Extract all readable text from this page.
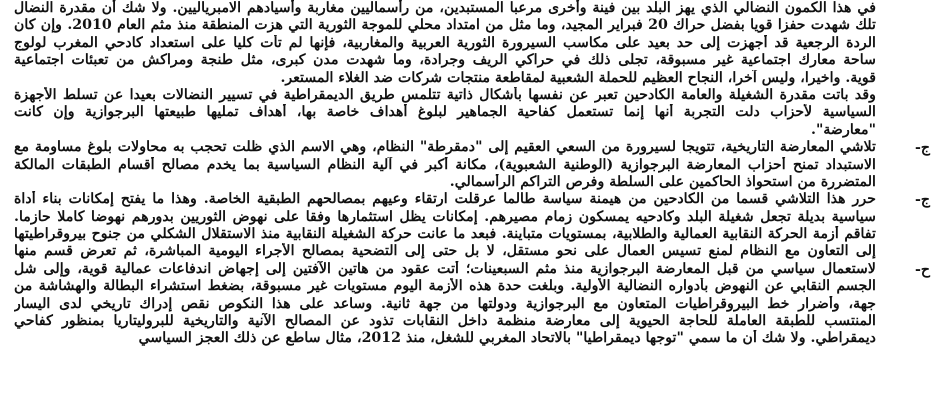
ج-
ج-
ح-
في هذا الكمون النضالي الذي يهز البلد بين فينة وأخرى مرعبا المستبدين، من رأسماليين مغاربة وأسيادهم الامبرياليين. ولا شك أن مقدرة النضال
تلك شهدت حفزا قويا بفضل حراك 20 فبراير المجيد، وما مثل من امتداد محلي للموجة الثورية التي هزت المنطقة منذ مثم العام 2010. وإن كان
الردة الرجعية قد أجهزت إلى حد بعيد على مكاسب السيرورة الثورية العربية والمغاربية، فإنها لم تأت كليا على استعداد كادحي المغرب لولوج
ساحة معارك اجتماعية غير مسبوقة، تجلى ذلك في حراكي الريف وجرادة، وما شهدت مدن كبرى، مثل طنجة ومراكش من تعبئات اجتماعية
قوية. واخيرا، وليس آخرا، النجاح العظيم للحملة الشعبية لمقاطعة منتجات شركات ضد الغلاء المستعر.
وقد باتت مقدرة الشغيلة والعامة الكادحين تعبر عن نفسها بأشكال ذاتية تتلمس طريق الديمقراطية في تسيير النضالات بعيدا عن تسلط الأجهزة
السياسية لأحزاب دلت التجربة أنها إنما تستعمل كفاحية الجماهير لبلوغ أهداف خاصة بها، أهداف تمليها طبيعتها البرجوازية وإن كانت
"معارضة".
تلاشي المعارضة التاريخية، تتويجا لسيرورة من السعي العقيم إلى "دمقرطة" النظام، وهي الاسم الذي ظلت تحجب به محاولات بلوغ مساومة مع
الاستبداد تمنح أحزاب المعارضة البرجوازية (الوطنية الشعبوية)، مكانة أكبر في آلية النظام السياسية بما يخدم مصالح أقسام الطبقات المالكة
المتضررة من استحواذ الحاكمين على السلطة وفرص التراكم الرأسمالي.
حرر هذا التلاشي قسما من الكادحين من هيمنة سياسة طالما عرقلت ارتقاء وعيهم بمصالحهم الطبقية الخاصة. وهذا ما يفتح إمكانات بناء أداة
سياسية بديلة تجعل شغيلة البلد وكادحيه يمسكون زمام مصيرهم. إمكانات يظل استثمارها وفقا على نهوض الثوريين بدورهم نهوضا كاملا حازما.
تفاقم أزمة الحركة النقابية العمالية والطلابية، بمستويات متباينة. فبعد ما عانت حركة الشغيلة النقابية منذ الاستقلال الشكلي من جنوح بيروقراطيتها
إلى التعاون مع النظام لمنع تسيس العمال على نحو مستقل، لا بل حتى إلى التضحية بمصالح الأجراء اليومية المباشرة، ثم تعرض قسم منها
لاستعمال سياسي من قبل المعارضة البرجوازية منذ مثم السبعينات؛ أتت عقود من هاتين الآفتين إلى إجهاض اندفاعات عمالية قوية، وإلى شل
الجسم النقابي عن النهوض بأدواره النضالية الأولية. وبلغت حدة هذه الأزمة اليوم مستويات غير مسبوقة، بضغط استشراء البطالة والهشاشة من
جهة، وأضرار خط البيروقراطيات المتعاون مع البرجوازية ودولتها من جهة ثانية. وساعد على هذا النكوص نقص إدراك تاريخي لدى اليسار
المنتسب للطبقة العاملة للحاجة الحيوية إلى معارضة منظمة داخل النقابات تذود عن المصالح الآنية والتاريخية للبروليتاريا بمنظور كفاحي
ديمقراطي. ولا شك أن ما سمي "توجها ديمقراطيا" بالاتحاد المغربي للشغل، منذ 2012، مثال ساطع عن ذلك العجز السياسي
